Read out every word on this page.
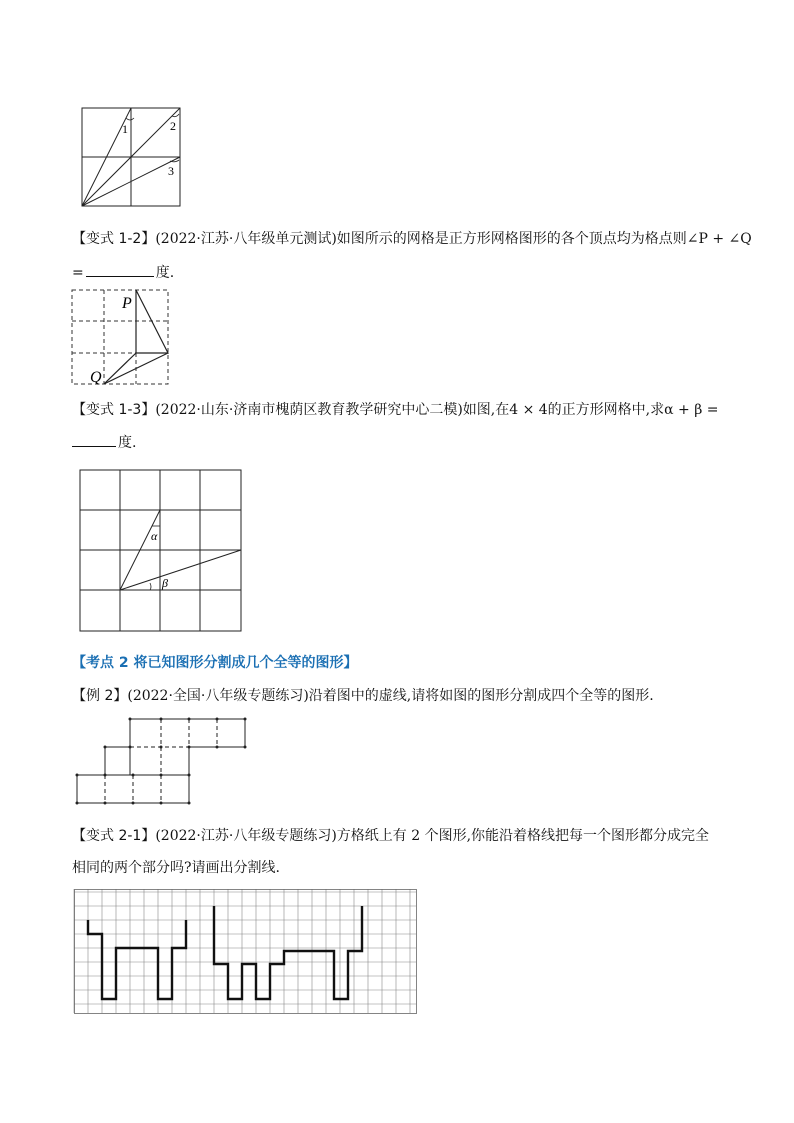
1	2
3
【变式 1-2】(2022·江苏·八年级单元测试)如图所示的网格是正方形网格图形的各个顶点均为格点则∠P + ∠Q
=	度.
P
Q
【变式 1-3】(2022·山东·济南市槐荫区教育教学研究中心二模)如图,在4 × 4的正方形网格中,求α + β =
度.
α
β
【考点 2 将已知图形分割成几个全等的图形】
【例 2】(2022·全国·八年级专题练习)沿着图中的虚线,请将如图的图形分割成四个全等的图形.
【变式 2-1】(2022·江苏·八年级专题练习)方格纸上有 2 个图形,你能沿着格线把每一个图形都分成完全
相同的两个部分吗?请画出分割线.
